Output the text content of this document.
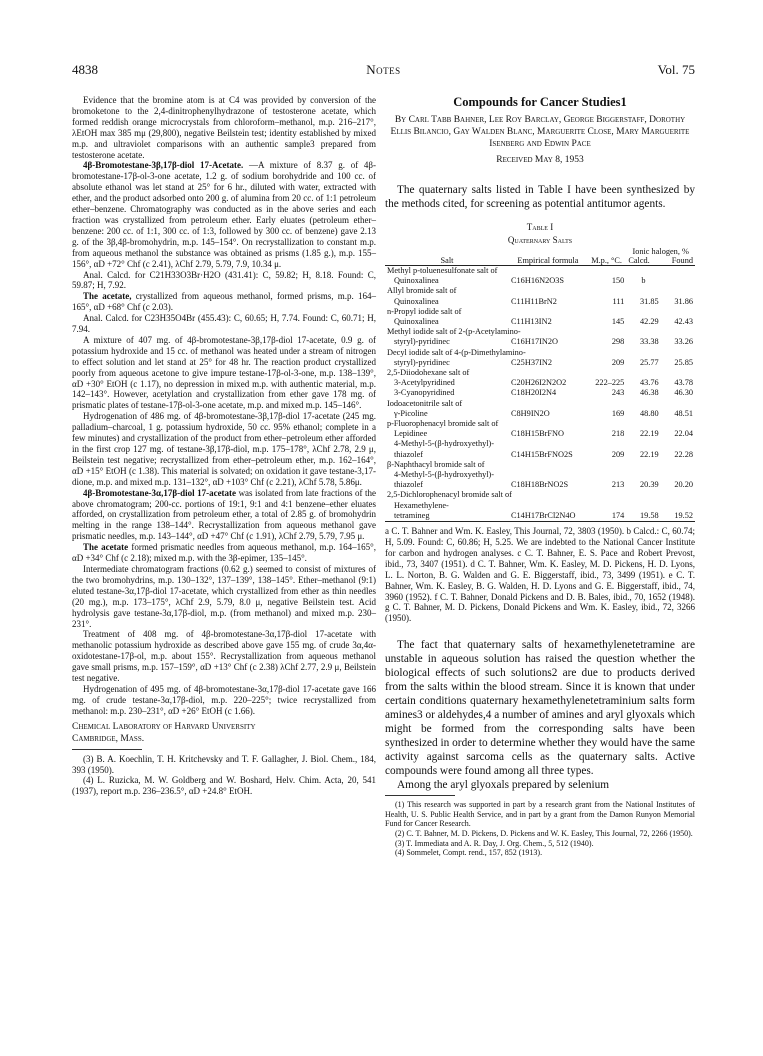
4838	Notes	Vol. 75

Evidence that the bromine atom is at C4 was provided by conversion of the bromoketone to the 2,4-dinitrophenylhydrazone of testosterone acetate, which formed reddish orange microcrystals from chloroform–methanol, m.p. 216–217°, λEtOH max 385 mμ (29,800), negative Beilstein test; identity established by mixed m.p. and ultraviolet comparisons with an authentic sample3 prepared from testosterone acetate.

4β-Bromotestane-3β,17β-diol 17-Acetate. —A mixture of 8.37 g. of 4β-bromotestane-17β-ol-3-one acetate, 1.2 g. of sodium borohydride and 100 cc. of absolute ethanol was let stand at 25° for 6 hr., diluted with water, extracted with ether, and the product adsorbed onto 200 g. of alumina from 20 cc. of 1:1 petroleum ether–benzene. Chromatography was conducted as in the above series and each fraction was crystallized from petroleum ether. Early eluates (petroleum ether–benzene: 200 cc. of 1:1, 300 cc. of 1:3, followed by 300 cc. of benzene) gave 2.13 g. of the 3β,4β-bromohydrin, m.p. 145–154°. On recrystallization to constant m.p. from aqueous methanol the substance was obtained as prisms (1.85 g.), m.p. 155–156°, αD +72° Chf (c 2.41), λChf 2.79, 5.79, 7.9, 10.34 μ.

Anal. Calcd. for C21H33O3Br·H2O (431.41): C, 59.82; H, 8.18. Found: C, 59.87; H, 7.92.

The acetate, crystallized from aqueous methanol, formed prisms, m.p. 164–165°, αD +68° Chf (c 2.03).

Anal. Calcd. for C23H35O4Br (455.43): C, 60.65; H, 7.74. Found: C, 60.71; H, 7.94.

A mixture of 407 mg. of 4β-bromotestane-3β,17β-diol 17-acetate, 0.9 g. of potassium hydroxide and 15 cc. of methanol was heated under a stream of nitrogen to effect solution and let stand at 25° for 48 hr. The reaction product crystallized poorly from aqueous acetone to give impure testane-17β-ol-3-one, m.p. 138–139°, αD +30° EtOH (c 1.17), no depression in mixed m.p. with authentic material, m.p. 142–143°. However, acetylation and crystallization from ether gave 178 mg. of prismatic plates of testane-17β-ol-3-one acetate, m.p. and mixed m.p. 145–146°.

Hydrogenation of 486 mg. of 4β-bromotestane-3β,17β-diol 17-acetate (245 mg. palladium–charcoal, 1 g. potassium hydroxide, 50 cc. 95% ethanol; complete in a few minutes) and crystallization of the product from ether–petroleum ether afforded in the first crop 127 mg. of testane-3β,17β-diol, m.p. 175–178°, λChf 2.78, 2.9 μ, Beilstein test negative; recrystallized from ether–petroleum ether, m.p. 162–164°, αD +15° EtOH (c 1.38). This material is solvated; on oxidation it gave testane-3,17-dione, m.p. and mixed m.p. 131–132°, αD +103° Chf (c 2.21), λChf 5.78, 5.86μ.

4β-Bromotestane-3α,17β-diol 17-acetate was isolated from late fractions of the above chromatogram; 200-cc. portions of 19:1, 9:1 and 4:1 benzene–ether eluates afforded, on crystallization from petroleum ether, a total of 2.85 g. of bromohydrin melting in the range 138–144°. Recrystallization from aqueous methanol gave prismatic needles, m.p. 143–144°, αD +47° Chf (c 1.91), λChf 2.79, 5.79, 7.95 μ.

The acetate formed prismatic needles from aqueous methanol, m.p. 164–165°, αD +34° Chf (c 2.18); mixed m.p. with the 3β-epimer, 135–145°.

Intermediate chromatogram fractions (0.62 g.) seemed to consist of mixtures of the two bromohydrins, m.p. 130–132°, 137–139°, 138–145°. Ether–methanol (9:1) eluted testane-3α,17β-diol 17-acetate, which crystallized from ether as thin needles (20 mg.), m.p. 173–175°, λChf 2.9, 5.79, 8.0 μ, negative Beilstein test. Acid hydrolysis gave testane-3α,17β-diol, m.p. (from methanol) and mixed m.p. 230–231°.

Treatment of 408 mg. of 4β-bromotestane-3α,17β-diol 17-acetate with methanolic potassium hydroxide as described above gave 155 mg. of crude 3α,4α-oxidotestane-17β-ol, m.p. about 155°. Recrystallization from aqueous methanol gave small prisms, m.p. 157–159°, αD +13° Chf (c 2.38) λChf 2.77, 2.9 μ, Beilstein test negative.

Hydrogenation of 495 mg. of 4β-bromotestane-3α,17β-diol 17-acetate gave 166 mg. of crude testane-3α,17β-diol, m.p. 220–225°; twice recrystallized from methanol: m.p. 230–231°, αD +26° EtOH (c 1.66).

Chemical Laboratory of Harvard University
Cambridge, Mass.

(3) B. A. Koechlin, T. H. Kritchevsky and T. F. Gallagher, J. Biol. Chem., 184, 393 (1950).

(4) L. Ruzicka, M. W. Goldberg and W. Boshard, Helv. Chim. Acta, 20, 541 (1937), report m.p. 236–236.5°, αD +24.8° EtOH.

Compounds for Cancer Studies1
By Carl Tabb Bahner, Lee Roy Barclay, George Biggerstaff, Dorothy Ellis Bilancio, Gay Walden Blanc, Marguerite Close, Mary Marguerite Isenberg and Edwin Pace
Received May 8, 1953

The quaternary salts listed in Table I have been synthesized by the methods cited, for screening as potential antitumor agents.

Table I
Quaternary Salts
Salt	Empirical formula	M.p., °C.	Ionic halogen, %
Calcd. Found	

Methyl p-toluenesulfonate salt of				
Quinoxalinea	C16H16N2O3S	150	b	
Allyl bromide salt of				
Quinoxalinea	C11H11BrN2	111	31.85	31.86
n-Propyl iodide salt of				
Quinoxalinea	C11H13IN2	145	42.29	42.43
Methyl iodide salt of 2-(p-Acetylamino-				
styryl)-pyridinec	C16H17IN2O	298	33.38	33.26
Decyl iodide salt of 4-(p-Dimethylamino-				
styryl)-pyridinec	C25H37IN2	209	25.77	25.85
2,5-Diiodohexane salt of				
3-Acetylpyridined	C20H26I2N2O2	222–225	43.76	43.78
3-Cyanopyridined	C18H20I2N4	243	46.38	46.30
Iodoacetonitrile salt of				
γ-Picoline	C8H9IN2O	169	48.80	48.51
p-Fluorophenacyl bromide salt of				
Lepidinee	C18H15BrFNO	218	22.19	22.04
4-Methyl-5-(β-hydroxyethyl)-				
thiazolef	C14H15BrFNO2S	209	22.19	22.28
β-Naphthacyl bromide salt of				
4-Methyl-5-(β-hydroxyethyl)-				
thiazolef	C18H18BrNO2S	213	20.39	20.20
2,5-Dichlorophenacyl bromide salt of				
Hexamethylene-				
tetramineg	C14H17BrCl2N4O	174	19.58	19.52

a C. T. Bahner and Wm. K. Easley, This Journal, 72, 3803 (1950). b Calcd.: C, 60.74; H, 5.09. Found: C, 60.86; H, 5.25. We are indebted to the National Cancer Institute for carbon and hydrogen analyses. c C. T. Bahner, E. S. Pace and Robert Prevost, ibid., 73, 3407 (1951). d C. T. Bahner, Wm. K. Easley, M. D. Pickens, H. D. Lyons, L. L. Norton, B. G. Walden and G. E. Biggerstaff, ibid., 73, 3499 (1951). e C. T. Bahner, Wm. K. Easley, B. G. Walden, H. D. Lyons and G. E. Biggerstaff, ibid., 74, 3960 (1952). f C. T. Bahner, Donald Pickens and D. B. Bales, ibid., 70, 1652 (1948). g C. T. Bahner, M. D. Pickens, Donald Pickens and Wm. K. Easley, ibid., 72, 3266 (1950).

The fact that quaternary salts of hexamethylenetetramine are unstable in aqueous solution has raised the question whether the biological effects of such solutions2 are due to products derived from the salts within the blood stream. Since it is known that under certain conditions quaternary hexamethylenetetraminium salts form amines3 or aldehydes,4 a number of amines and aryl glyoxals which might be formed from the corresponding salts have been synthesized in order to determine whether they would have the same activity against sarcoma cells as the quaternary salts. Active compounds were found among all three types.

Among the aryl glyoxals prepared by selenium

(1) This research was supported in part by a research grant from the National Institutes of Health, U. S. Public Health Service, and in part by a grant from the Damon Runyon Memorial Fund for Cancer Research.

(2) C. T. Bahner, M. D. Pickens, D. Pickens and W. K. Easley, This Journal, 72, 2266 (1950).

(3) T. Immediata and A. R. Day, J. Org. Chem., 5, 512 (1940).

(4) Sommelet, Compt. rend., 157, 852 (1913).
